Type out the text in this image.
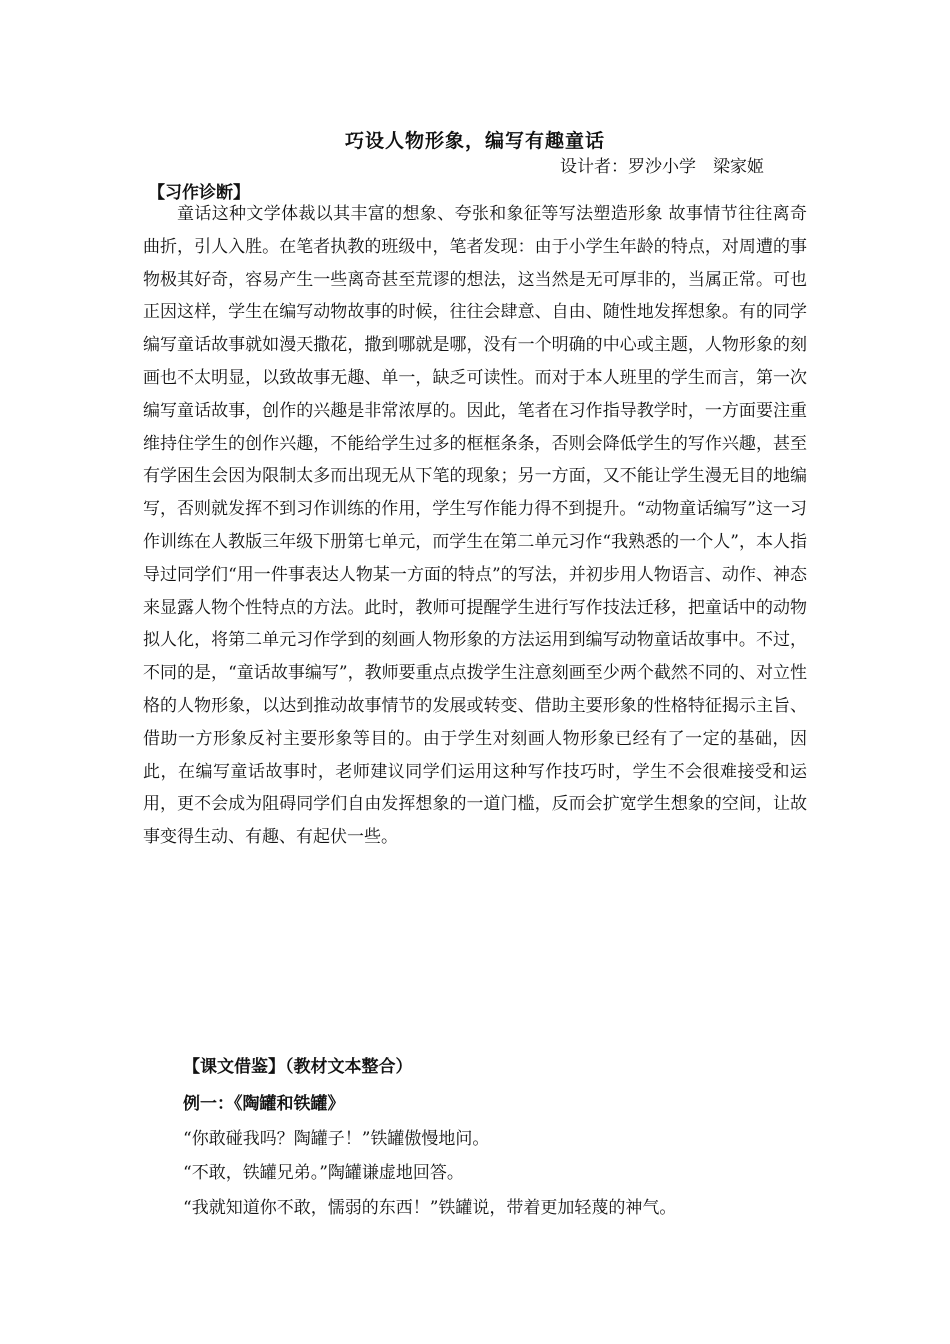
巧设人物形象，编写有趣童话
设计者：罗沙小学　梁家姬
【习作诊断】

童话这种文学体裁以其丰富的想象、夸张和象征等写法塑造形象 故事情节往往离奇曲折，引人入胜。在笔者执教的班级中，笔者发现：由于小学生年龄的特点，对周遭的事物极其好奇，容易产生一些离奇甚至荒谬的想法，这当然是无可厚非的，当属正常。可也正因这样，学生在编写动物故事的时候，往往会肆意、自由、随性地发挥想象。有的同学编写童话故事就如漫天撒花，撒到哪就是哪，没有一个明确的中心或主题，人物形象的刻画也不太明显，以致故事无趣、单一，缺乏可读性。而对于本人班里的学生而言，第一次编写童话故事，创作的兴趣是非常浓厚的。因此，笔者在习作指导教学时，一方面要注重维持住学生的创作兴趣，不能给学生过多的框框条条，否则会降低学生的写作兴趣，甚至有学困生会因为限制太多而出现无从下笔的现象；另一方面，又不能让学生漫无目的地编写，否则就发挥不到习作训练的作用，学生写作能力得不到提升。“动物童话编写”这一习作训练在人教版三年级下册第七单元，而学生在第二单元习作“我熟悉的一个人”，本人指导过同学们“用一件事表达人物某一方面的特点”的写法，并初步用人物语言、动作、神态来显露人物个性特点的方法。此时，教师可提醒学生进行写作技法迁移，把童话中的动物拟人化，将第二单元习作学到的刻画人物形象的方法运用到编写动物童话故事中。不过，不同的是，“童话故事编写”，教师要重点点拨学生注意刻画至少两个截然不同的、对立性格的人物形象，以达到推动故事情节的发展或转变、借助主要形象的性格特征揭示主旨、借助一方形象反衬主要形象等目的。由于学生对刻画人物形象已经有了一定的基础，因此，在编写童话故事时，老师建议同学们运用这种写作技巧时，学生不会很难接受和运用，更不会成为阻碍同学们自由发挥想象的一道门槛，反而会扩宽学生想象的空间，让故事变得生动、有趣、有起伏一些。

【课文借鉴】（教材文本整合）
例一：《陶罐和铁罐》

“你敢碰我吗？陶罐子！”铁罐傲慢地问。

“不敢，铁罐兄弟。”陶罐谦虚地回答。

“我就知道你不敢，懦弱的东西！”铁罐说，带着更加轻蔑的神气。
